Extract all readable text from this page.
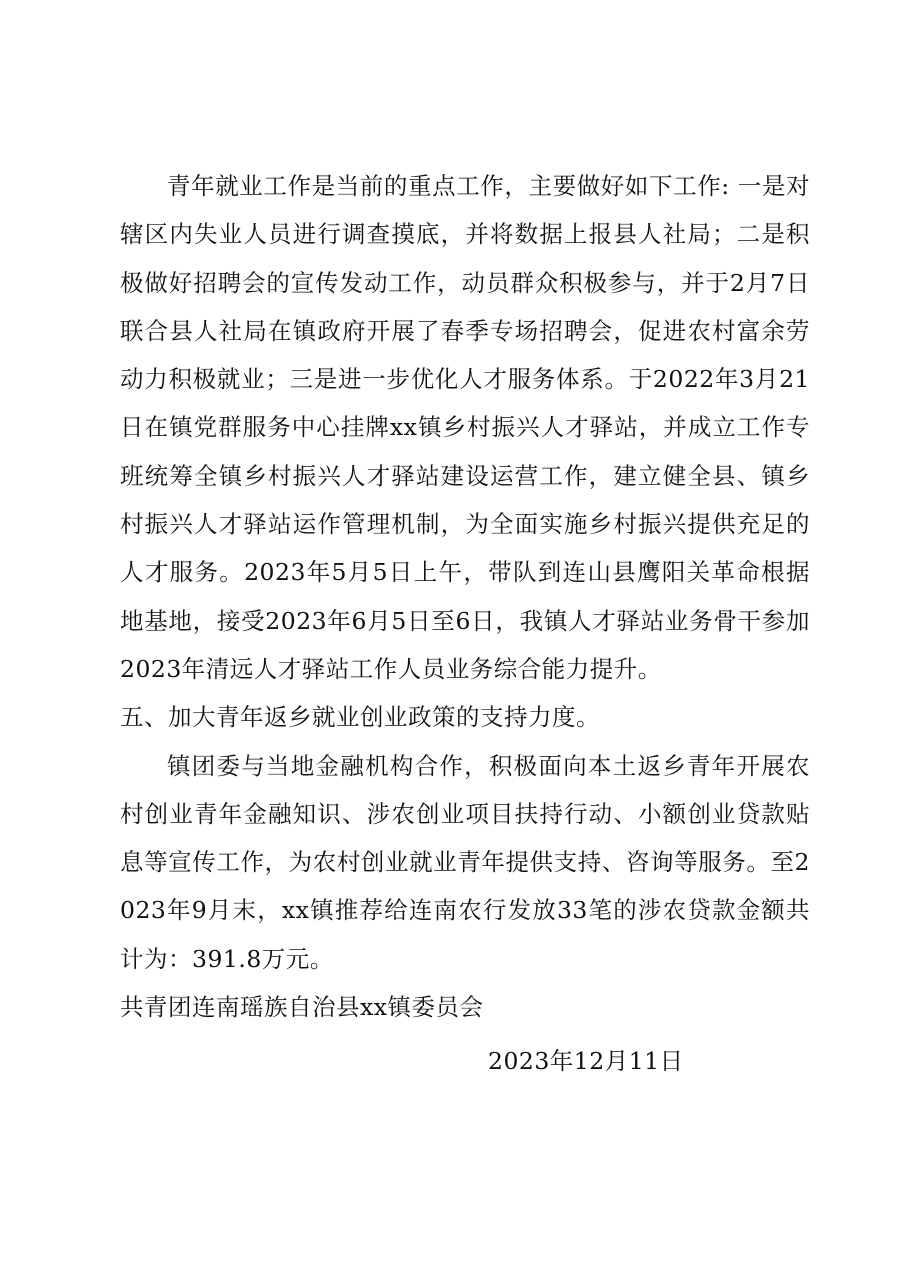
青年就业工作是当前的重点工作，主要做好如下工作: 一是对辖区内失业人员进行调查摸底，并将数据上报县人社局；二是积极做好招聘会的宣传发动工作，动员群众积极参与，并于2月7日联合县人社局在镇政府开展了春季专场招聘会，促进农村富余劳动力积极就业；三是进一步优化人才服务体系。于2022年3月21日在镇党群服务中心挂牌xx镇乡村振兴人才驿站，并成立工作专班统筹全镇乡村振兴人才驿站建设运营工作，建立健全县、镇乡村振兴人才驿站运作管理机制，为全面实施乡村振兴提供充足的人才服务。2023年5月5日上午，带队到连山县鹰阳关革命根据地基地，接受2023年6月5日至6日，我镇人才驿站业务骨干参加2023年清远人才驿站工作人员业务综合能力提升。

五、加大青年返乡就业创业政策的支持力度。

镇团委与当地金融机构合作，积极面向本土返乡青年开展农村创业青年金融知识、涉农创业项目扶持行动、小额创业贷款贴息等宣传工作，为农村创业就业青年提供支持、咨询等服务。至2023年9月末，xx镇推荐给连南农行发放33笔的涉农贷款金额共计为：391.8万元。

共青团连南瑶族自治县xx镇委员会

2023年12月11日
